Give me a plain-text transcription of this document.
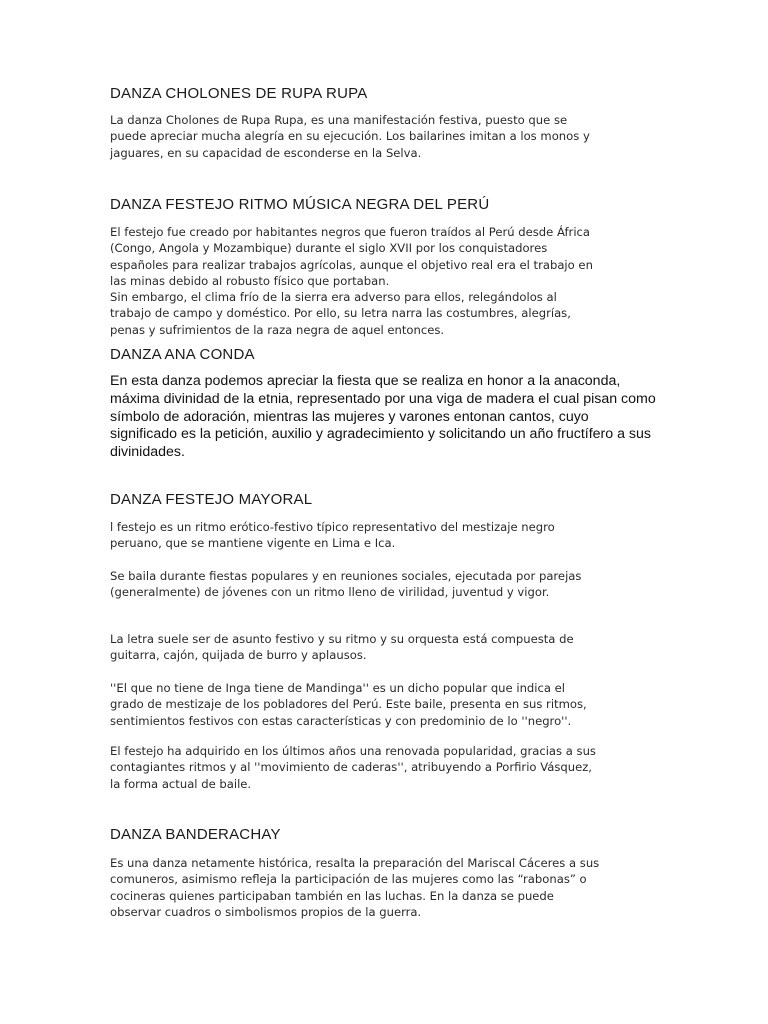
DANZA CHOLONES DE RUPA RUPA

La danza Cholones de Rupa Rupa, es una manifestación festiva, puesto que se
puede apreciar mucha alegría en su ejecución. Los bailarines imitan a los monos y
jaguares, en su capacidad de esconderse en la Selva.

DANZA FESTEJO RITMO MÚSICA NEGRA DEL PERÚ

El festejo fue creado por habitantes negros que fueron traídos al Perú desde África
(Congo, Angola y Mozambique) durante el siglo XVII por los conquistadores
españoles para realizar trabajos agrícolas, aunque el objetivo real era el trabajo en
las minas debido al robusto físico que portaban.
Sin embargo, el clima frío de la sierra era adverso para ellos, relegándolos al
trabajo de campo y doméstico. Por ello, su letra narra las costumbres, alegrías,
penas y sufrimientos de la raza negra de aquel entonces.

DANZA ANA CONDA

En esta danza podemos apreciar la fiesta que se realiza en honor a la anaconda,
máxima divinidad de la etnia, representado por una viga de madera el cual pisan como
símbolo de adoración, mientras las mujeres y varones entonan cantos, cuyo
significado es la petición, auxilio y agradecimiento y solicitando un año fructífero a sus
divinidades.

DANZA FESTEJO MAYORAL

l festejo es un ritmo erótico-festivo típico representativo del mestizaje negro
peruano, que se mantiene vigente en Lima e Ica.

Se baila durante fiestas populares y en reuniones sociales, ejecutada por parejas
(generalmente) de jóvenes con un ritmo lleno de virilidad, juventud y vigor.

La letra suele ser de asunto festivo y su ritmo y su orquesta está compuesta de
guitarra, cajón, quijada de burro y aplausos.

''El que no tiene de Inga tiene de Mandinga'' es un dicho popular que indica el
grado de mestizaje de los pobladores del Perú. Este baile, presenta en sus ritmos,
sentimientos festivos con estas características y con predominio de lo ''negro''.

El festejo ha adquirido en los últimos años una renovada popularidad, gracias a sus
contagiantes ritmos y al ''movimiento de caderas'', atribuyendo a Porfirio Vásquez,
la forma actual de baile.

DANZA BANDERACHAY

Es una danza netamente histórica, resalta la preparación del Mariscal Cáceres a sus
comuneros, asimismo refleja la participación de las mujeres como las “rabonas” o
cocineras quienes participaban también en las luchas. En la danza se puede
observar cuadros o simbolismos propios de la guerra.
